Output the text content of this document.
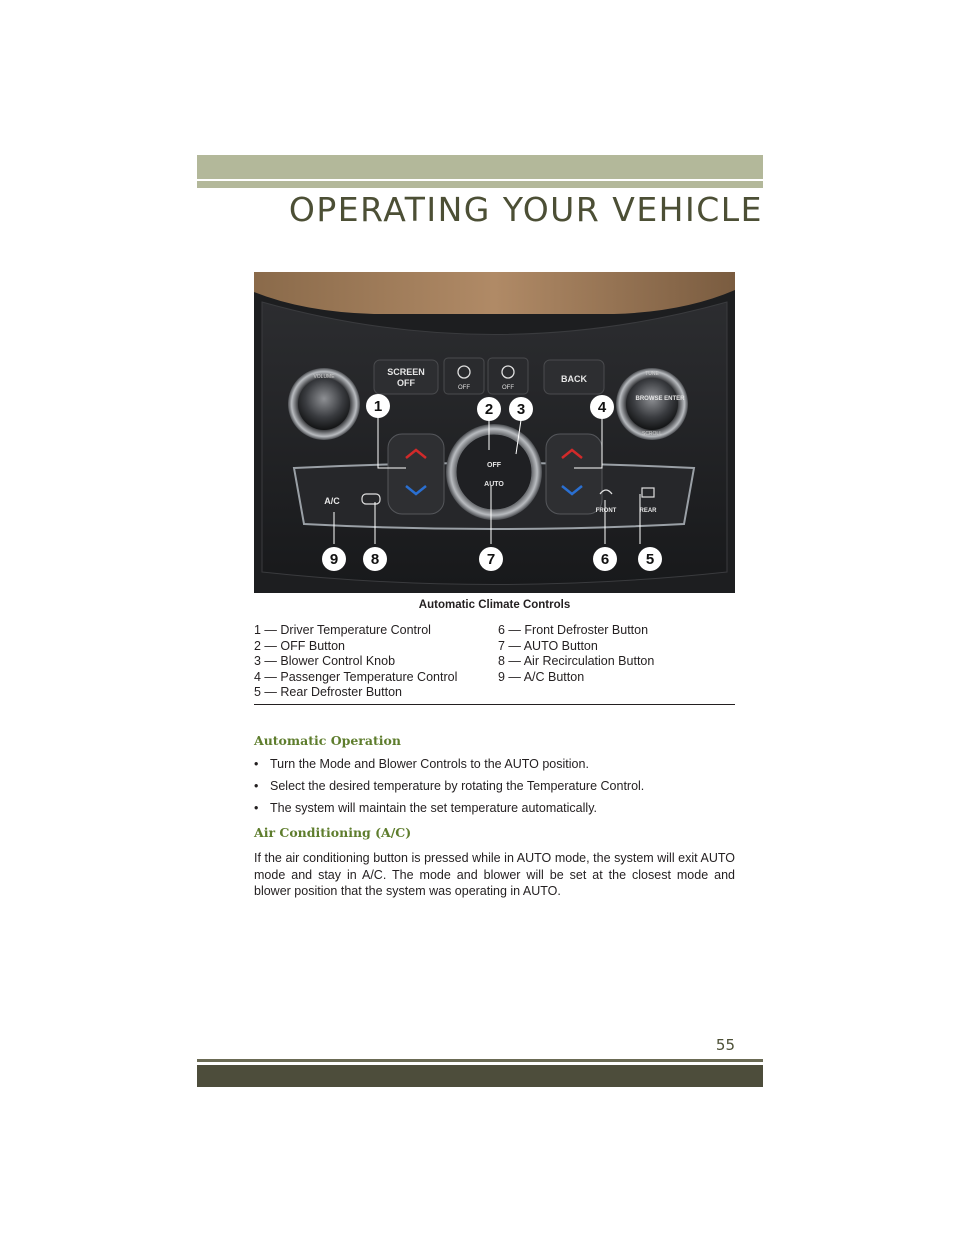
OPERATING YOUR VEHICLE
SCREEN
OFF	OFF	OFF
BACK
VOLUME
BROWSE ENTER
TUNE
SCROLL
OFF
AUTO
A/C
FRONT	REAR
1	2 3	4
5
6
7
8
9
Automatic Climate Controls
1 — Driver Temperature Control
2 — OFF Button
3 — Blower Control Knob
4 — Passenger Temperature Control
5 — Rear Defroster Button
6 — Front Defroster Button
7 — AUTO Button
8 — Air Recirculation Button
9 — A/C Button
Automatic Operation
• Turn the Mode and Blower Controls to the AUTO position.
• Select the desired temperature by rotating the Temperature Control.
• The system will maintain the set temperature automatically.
Air Conditioning (A/C)
If the air conditioning button is pressed while in AUTO mode, the system will exit AUTO mode and stay in A/C. The mode and blower will be set at the closest mode and blower position that the system was operating in AUTO.
55
